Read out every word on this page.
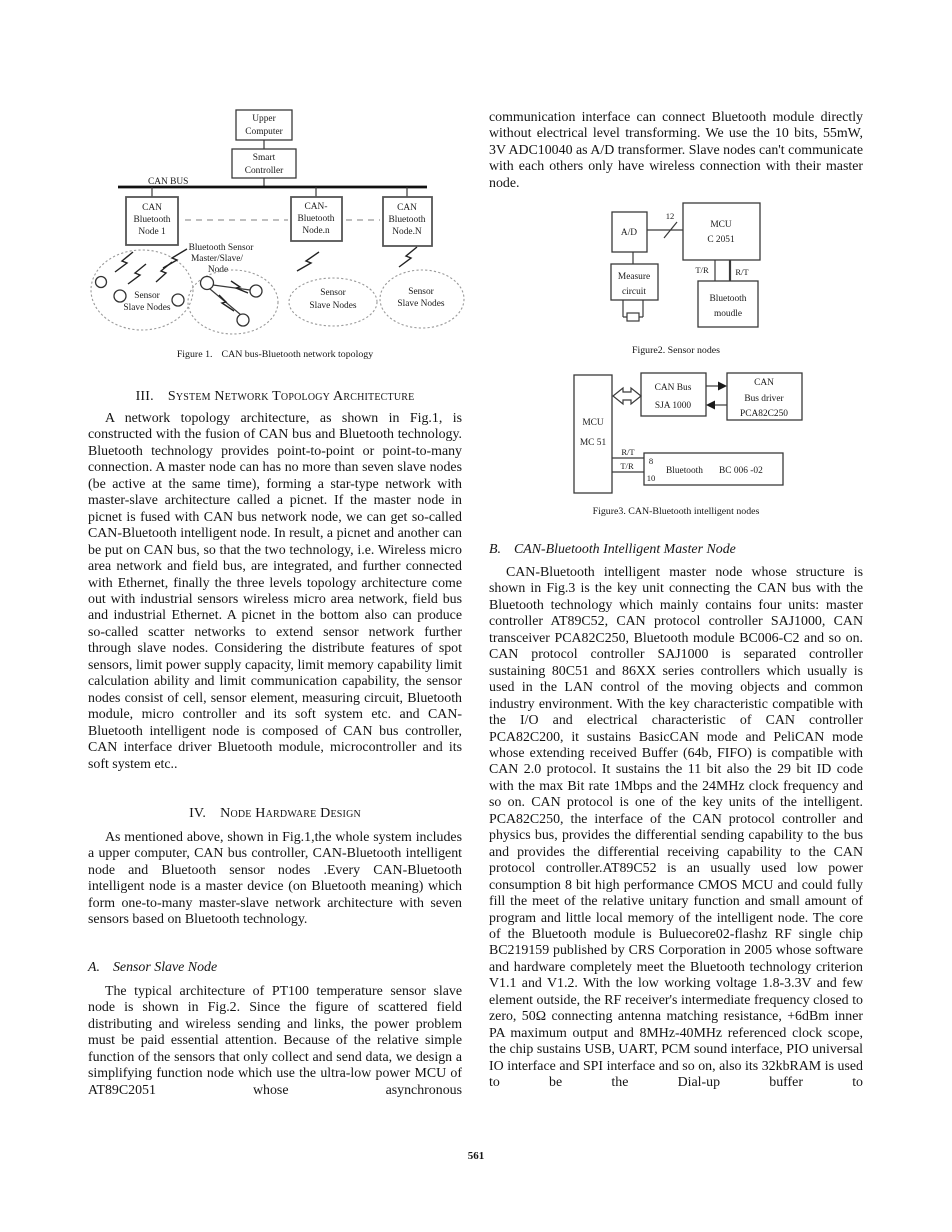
Upper
Computer
Smart
Controller
CAN BUS
CAN
Bluetooth
Node 1
CAN-
Bluetooth
Node.n
CAN
Bluetooth
Node.N
Bluetooth Sensor
Master/Slave/
Node
Sensor
Slave Nodes
Sensor
Slave Nodes
Sensor
Slave Nodes
Figure 1. CAN bus-Bluetooth network topology
III. System Network Topology Architecture

A network topology architecture, as shown in Fig.1, is constructed with the fusion of CAN bus and Bluetooth technology. Bluetooth technology provides point-to-point or point-to-many connection. A master node can has no more than seven slave nodes (be active at the same time), forming a star-type network with master-slave architecture called a picnet. If the master node in picnet is fused with CAN bus network node, we can get so-called CAN-Bluetooth intelligent node. In result, a picnet and another can be put on CAN bus, so that the two technology, i.e. Wireless micro area network and field bus, are integrated, and further connected with Ethernet, finally the three levels topology architecture come out with industrial sensors wireless micro area network, field bus and industrial Ethernet. A picnet in the bottom also can produce so-called scatter networks to extend sensor network further through slave nodes. Considering the distribute features of spot sensors, limit power supply capacity, limit memory capability limit calculation ability and limit communication capability, the sensor nodes consist of cell, sensor element, measuring circuit, Bluetooth module, micro controller and its soft system etc. and CAN-Bluetooth intelligent node is composed of CAN bus controller, CAN interface driver Bluetooth module, microcontroller and its soft system etc..

IV. Node Hardware Design

As mentioned above, shown in Fig.1,the whole system includes a upper computer, CAN bus controller, CAN-Bluetooth intelligent node and Bluetooth sensor nodes .Every CAN-Bluetooth intelligent node is a master device (on Bluetooth meaning) which form one-to-many master-slave network architecture with seven sensors based on Bluetooth technology.

A. Sensor Slave Node

The typical architecture of PT100 temperature sensor slave node is shown in Fig.2. Since the figure of scattered field distributing and wireless sending and links, the power problem must be paid essential attention. Because of the relative simple function of the sensors that only collect and send data, we design a simplifying function node which use the ultra-low power MCU of AT89C2051 whose asynchronous

communication interface can connect Bluetooth module directly without electrical level transforming. We use the 10 bits, 55mW, 3V ADC10040 as A/D transformer. Slave nodes can't communicate with each others only have wireless connection with their master node.

A/D
MCU
C 2051
12
Measure
circuit
T/R	R/T
Bluetooth
moudle
Figure2. Sensor nodes
MCU
MC 51
CAN Bus
SJA 1000
CAN
Bus driver
PCA82C250
R/T
T/R 8
10
Bluetooth BC 006 -02
Figure3. CAN-Bluetooth intelligent nodes
B. CAN-Bluetooth Intelligent Master Node

CAN-Bluetooth intelligent master node whose structure is shown in Fig.3 is the key unit connecting the CAN bus with the Bluetooth technology which mainly contains four units: master controller AT89C52, CAN protocol controller SAJ1000, CAN transceiver PCA82C250, Bluetooth module BC006-C2 and so on. CAN protocol controller SAJ1000 is separated controller sustaining 80C51 and 86XX series controllers which usually is used in the LAN control of the moving objects and common industry environment. With the key characteristic compatible with the I/O and electrical characteristic of CAN controller PCA82C200, it sustains BasicCAN mode and PeliCAN mode whose extending received Buffer (64b, FIFO) is compatible with CAN 2.0 protocol. It sustains the 11 bit also the 29 bit ID code with the max Bit rate 1Mbps and the 24MHz clock frequency and so on. CAN protocol is one of the key units of the intelligent. PCA82C250, the interface of the CAN protocol controller and physics bus, provides the differential sending capability to the bus and provides the differential receiving capability to the CAN protocol controller.AT89C52 is an usually used low power consumption 8 bit high performance CMOS MCU and could fully fill the meet of the relative unitary function and small amount of program and little local memory of the intelligent node. The core of the Bluetooth module is Buluecore02-flashz RF single chip BC219159 published by CRS Corporation in 2005 whose software and hardware completely meet the Bluetooth technology criterion V1.1 and V1.2. With the low working voltage 1.8-3.3V and few element outside, the RF receiver's intermediate frequency closed to zero, 50Ω connecting antenna matching resistance, +6dBm inner PA maximum output and 8MHz-40MHz referenced clock scope, the chip sustains USB, UART, PCM sound interface, PIO universal IO interface and SPI interface and so on, also its 32kbRAM is used to be the Dial-up buffer to

561
